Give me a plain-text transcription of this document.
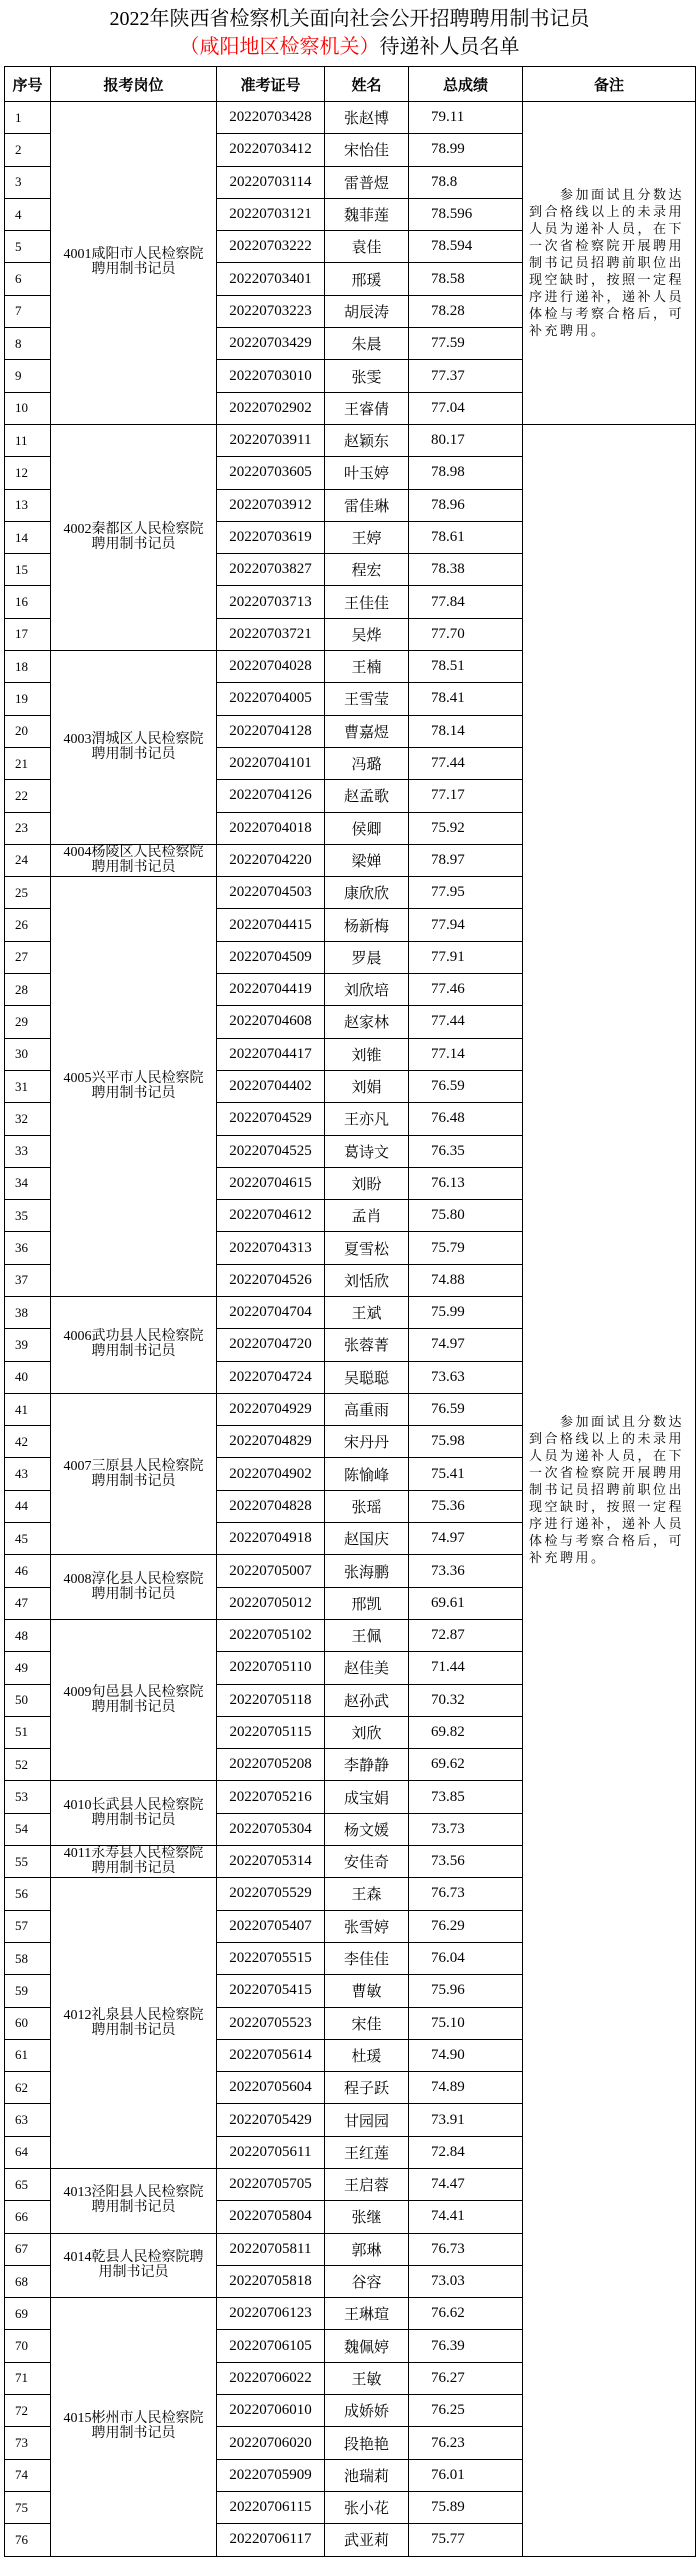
2022年陕西省检察机关面向社会公开招聘聘用制书记员
（咸阳地区检察机关）待递补人员名单
序号	报考岗位	准考证号	姓名	总成绩	备注
1	4001咸阳市人民检察院聘用制书记员	20220703428	张赵博	79.11	参加面试且分数达到合格线以上的未录用人员为递补人员，在下一次省检察院开展聘用制书记员招聘前职位出现空缺时，按照一定程序进行递补，递补人员体检与考察合格后，可补充聘用。
2		20220703412	宋怡佳	78.99	
3		20220703114	雷普煜	78.8	
4		20220703121	魏菲莲	78.596	
5		20220703222	袁佳	78.594	
6		20220703401	邢瑗	78.58	
7		20220703223	胡辰涛	78.28	
8		20220703429	朱晨	77.59	
9		20220703010	张雯	77.37	
10		20220702902	王睿倩	77.04	
11	4002秦都区人民检察院聘用制书记员	20220703911	赵颖东	80.17	参加面试且分数达到合格线以上的未录用人员为递补人员，在下一次省检察院开展聘用制书记员招聘前职位出现空缺时，按照一定程序进行递补，递补人员体检与考察合格后，可补充聘用。
12		20220703605	叶玉婷	78.98	
13		20220703912	雷佳琳	78.96	
14		20220703619	王婷	78.61	
15		20220703827	程宏	78.38	
16		20220703713	王佳佳	77.84	
17		20220703721	吴烨	77.70	
18	4003渭城区人民检察院聘用制书记员	20220704028	王楠	78.51	
19		20220704005	王雪莹	78.41	
20		20220704128	曹嘉煜	78.14	
21		20220704101	冯璐	77.44	
22		20220704126	赵孟歌	77.17	
23		20220704018	侯卿	75.92	
24	4004杨陵区人民检察院聘用制书记员	20220704220	梁婵	78.97	
25	4005兴平市人民检察院聘用制书记员	20220704503	康欣欣	77.95	
26		20220704415	杨新梅	77.94	
27		20220704509	罗晨	77.91	
28		20220704419	刘欣培	77.46	
29		20220704608	赵家林	77.44	
30		20220704417	刘锥	77.14	
31		20220704402	刘娟	76.59	
32		20220704529	王亦凡	76.48	
33		20220704525	葛诗文	76.35	
34		20220704615	刘盼	76.13	
35		20220704612	孟肖	75.80	
36		20220704313	夏雪松	75.79	
37		20220704526	刘恬欣	74.88	
38	4006武功县人民检察院聘用制书记员	20220704704	王斌	75.99	
39		20220704720	张蓉菁	74.97	
40		20220704724	吴聪聪	73.63	
41	4007三原县人民检察院聘用制书记员	20220704929	高重雨	76.59	
42		20220704829	宋丹丹	75.98	
43		20220704902	陈愉峰	75.41	
44		20220704828	张瑶	75.36	
45		20220704918	赵国庆	74.97	
46	4008淳化县人民检察院聘用制书记员	20220705007	张海鹏	73.36	
47		20220705012	邢凯	69.61	
48	4009旬邑县人民检察院聘用制书记员	20220705102	王佩	72.87	
49		20220705110	赵佳美	71.44	
50		20220705118	赵孙武	70.32	
51		20220705115	刘欣	69.82	
52		20220705208	李静静	69.62	
53	4010长武县人民检察院聘用制书记员	20220705216	成宝娟	73.85	
54		20220705304	杨文媛	73.73	
55	4011永寿县人民检察院聘用制书记员	20220705314	安佳奇	73.56	
56	4012礼泉县人民检察院聘用制书记员	20220705529	王森	76.73	
57		20220705407	张雪婷	76.29	
58		20220705515	李佳佳	76.04	
59		20220705415	曹敏	75.96	
60		20220705523	宋佳	75.10	
61		20220705614	杜瑗	74.90	
62		20220705604	程子跃	74.89	
63		20220705429	甘园园	73.91	
64		20220705611	王红莲	72.84	
65	4013泾阳县人民检察院聘用制书记员	20220705705	王启蓉	74.47	
66		20220705804	张继	74.41	
67	4014乾县人民检察院聘用制书记员	20220705811	郭琳	76.73	
68		20220705818	谷容	73.03	
69	4015彬州市人民检察院聘用制书记员	20220706123	王琳瑄	76.62	
70		20220706105	魏佩婷	76.39	
71		20220706022	王敏	76.27	
72		20220706010	成娇娇	76.25	
73		20220706020	段艳艳	76.23	
74		20220705909	池瑞莉	76.01	
75		20220706115	张小花	75.89	
76		20220706117	武亚莉	75.77	
